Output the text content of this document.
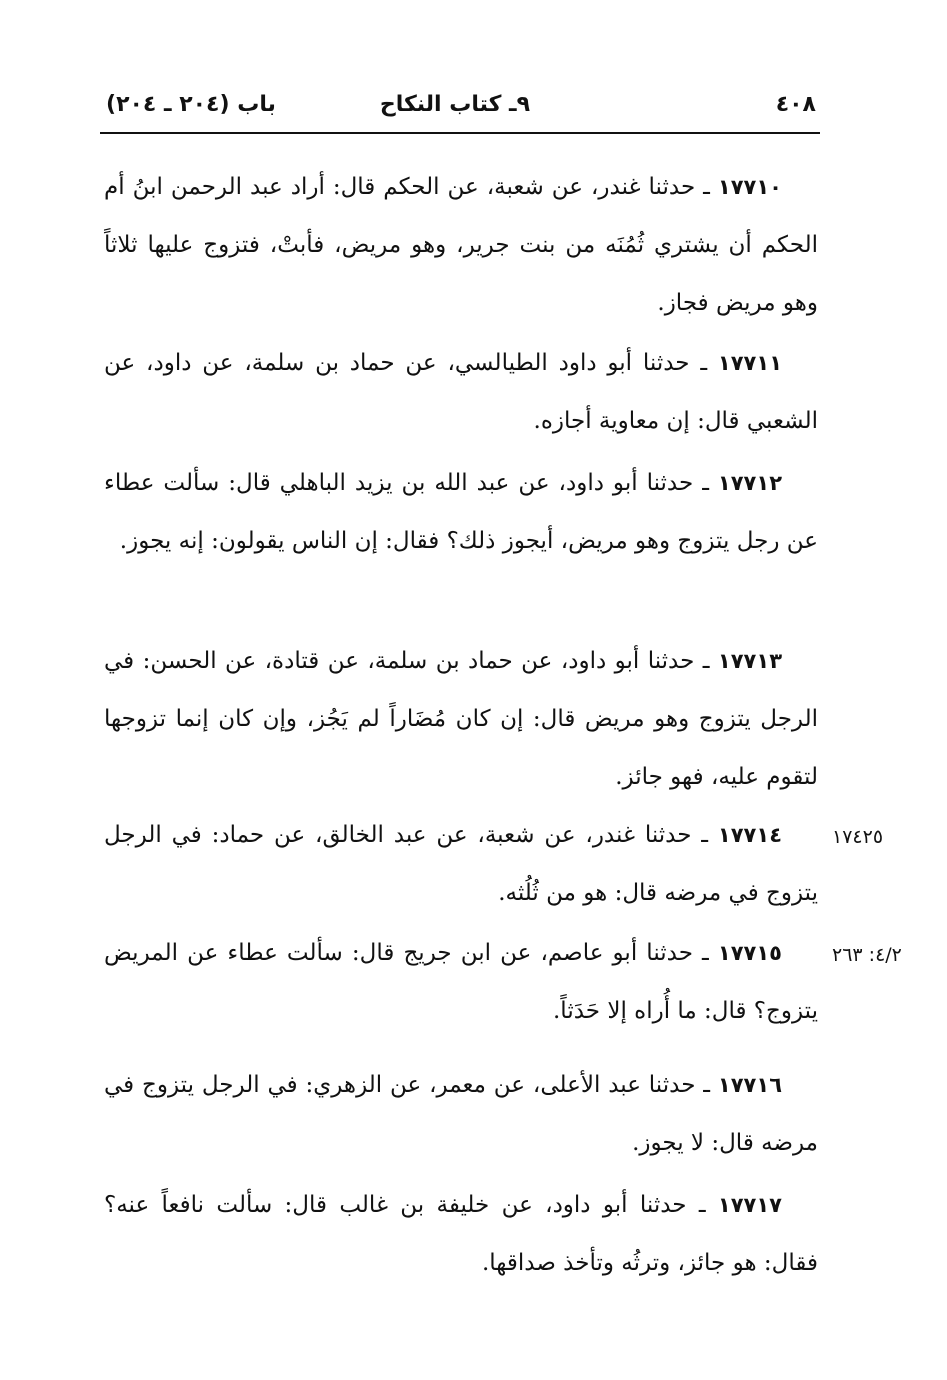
٤٠٨
٩ـ كتاب النكاح
باب (٢٠٤ ـ ٢٠٤)
١٧٧١٠ ـ حدثنا غندر، عن شعبة، عن الحكم قال: أراد عبد الرحمن ابنُ أم الحكم أن يشتري ثُمُنَه من بنت جرير، وهو مريض، فأبتْ، فتزوج عليها ثلاثاً وهو مريض فجاز.
١٧٧١١ ـ حدثنا أبو داود الطيالسي، عن حماد بن سلمة، عن داود، عن الشعبي قال: إن معاوية أجازه.
١٧٧١٢ ـ حدثنا أبو داود، عن عبد الله بن يزيد الباهلي قال: سألت عطاء عن رجل يتزوج وهو مريض، أيجوز ذلك؟ فقال: إن الناس يقولون: إنه يجوز.
١٧٧١٣ ـ حدثنا أبو داود، عن حماد بن سلمة، عن قتادة، عن الحسن: في الرجل يتزوج وهو مريض قال: إن كان مُضَاراً لم يَجُز، وإن كان إنما تزوجها لتقوم عليه، فهو جائز.
١٧٧١٤ ـ حدثنا غندر، عن شعبة، عن عبد الخالق، عن حماد: في الرجل يتزوج في مرضه قال: هو من ثُلُثه.
١٧٤٢٥
١٧٧١٥ ـ حدثنا أبو عاصم، عن ابن جريج قال: سألت عطاء عن المريض يتزوج؟ قال: ما أُراه إلا حَدَثاً.
٤/٢: ٢٦٣
١٧٧١٦ ـ حدثنا عبد الأعلى، عن معمر، عن الزهري: في الرجل يتزوج في مرضه قال: لا يجوز.
١٧٧١٧ ـ حدثنا أبو داود، عن خليفة بن غالب قال: سألت نافعاً عنه؟ فقال: هو جائز، وترثُه وتأخذ صداقها.
